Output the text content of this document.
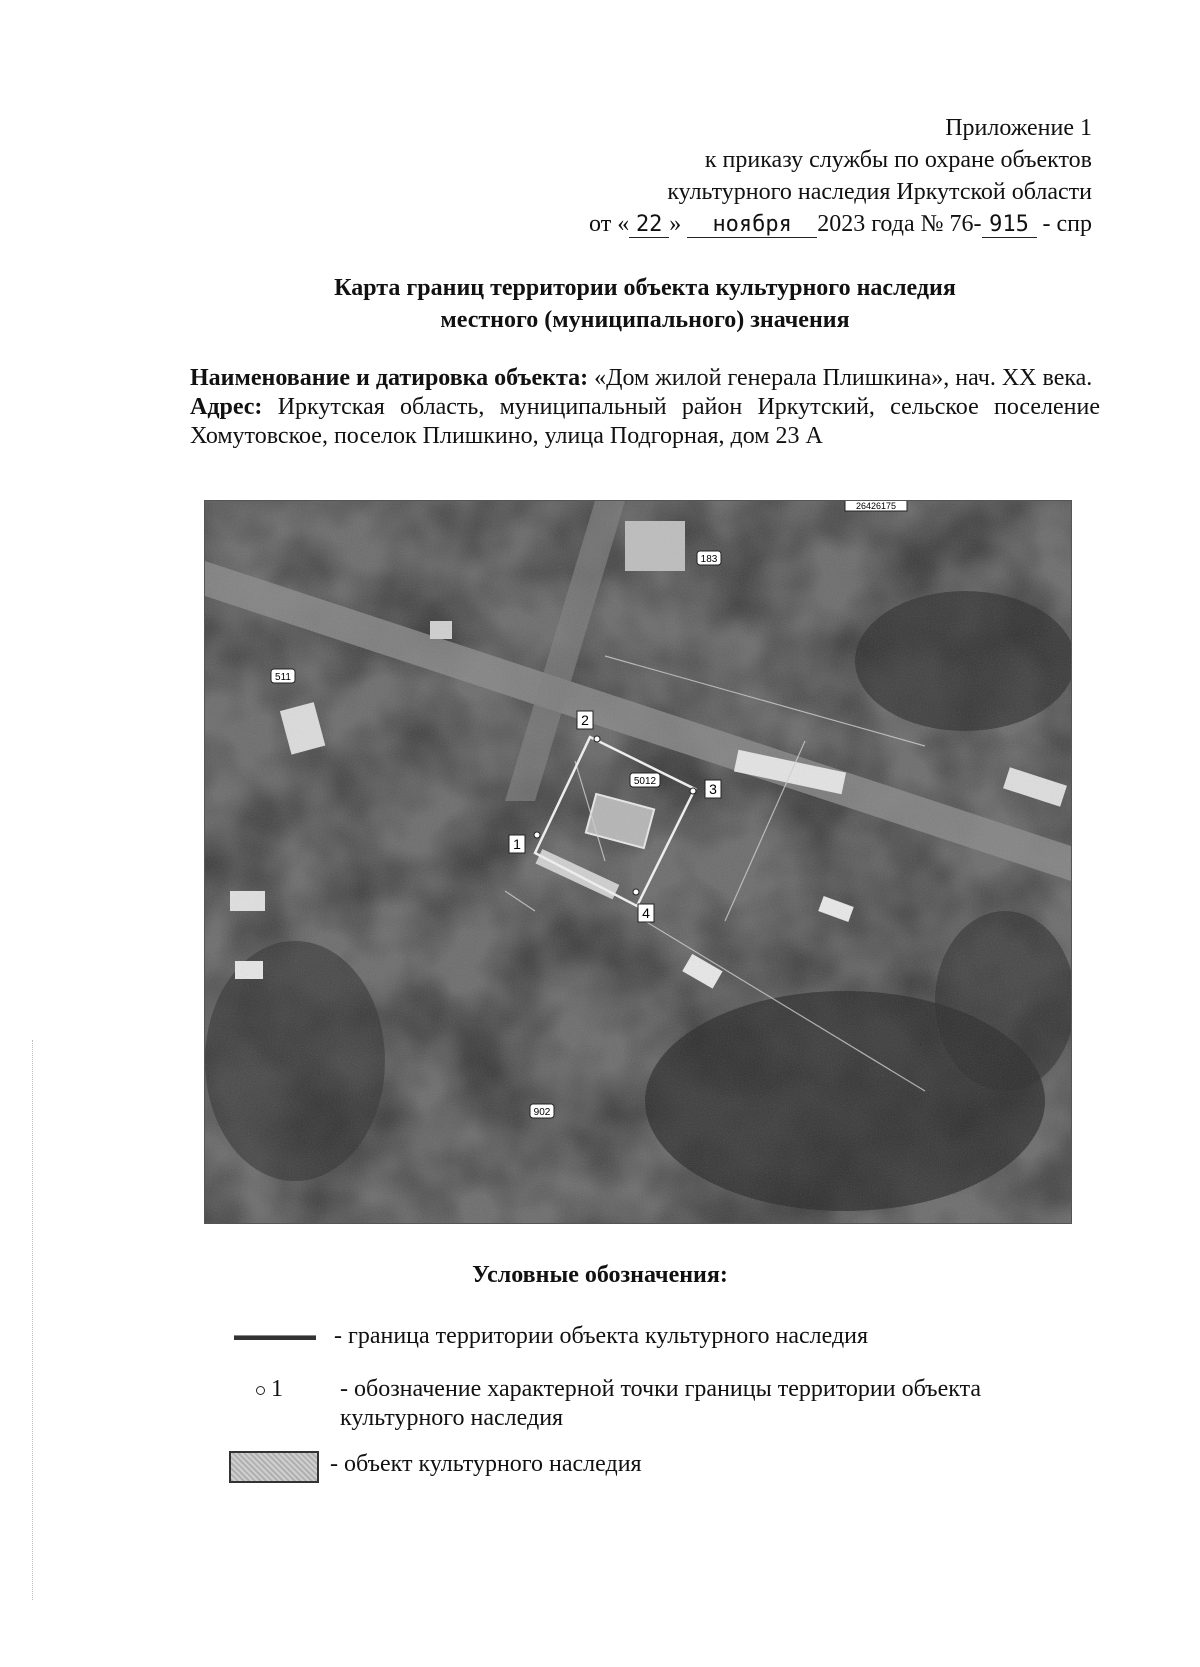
Приложение 1
к приказу службы по охране объектов
культурного наследия Иркутской области
от « 22 » ноября 2023 года № 76- 915 - спр
Карта границ территории объекта культурного наследия
местного (муниципального) значения
Наименование и датировка объекта: «Дом жилой генерала Плишкина», нач. XX века.
Адрес: Иркутская область, муниципальный район Иркутский, сельское поселение Хомутовское, поселок Плишкино, улица Подгорная, дом 23 А
26426175
183
511
5012
902
1
2
3
4
Условные обозначения:
- граница территории объекта культурного наследия
1	- обозначение характерной точки границы территории объекта культурного наследия
- объект культурного наследия
